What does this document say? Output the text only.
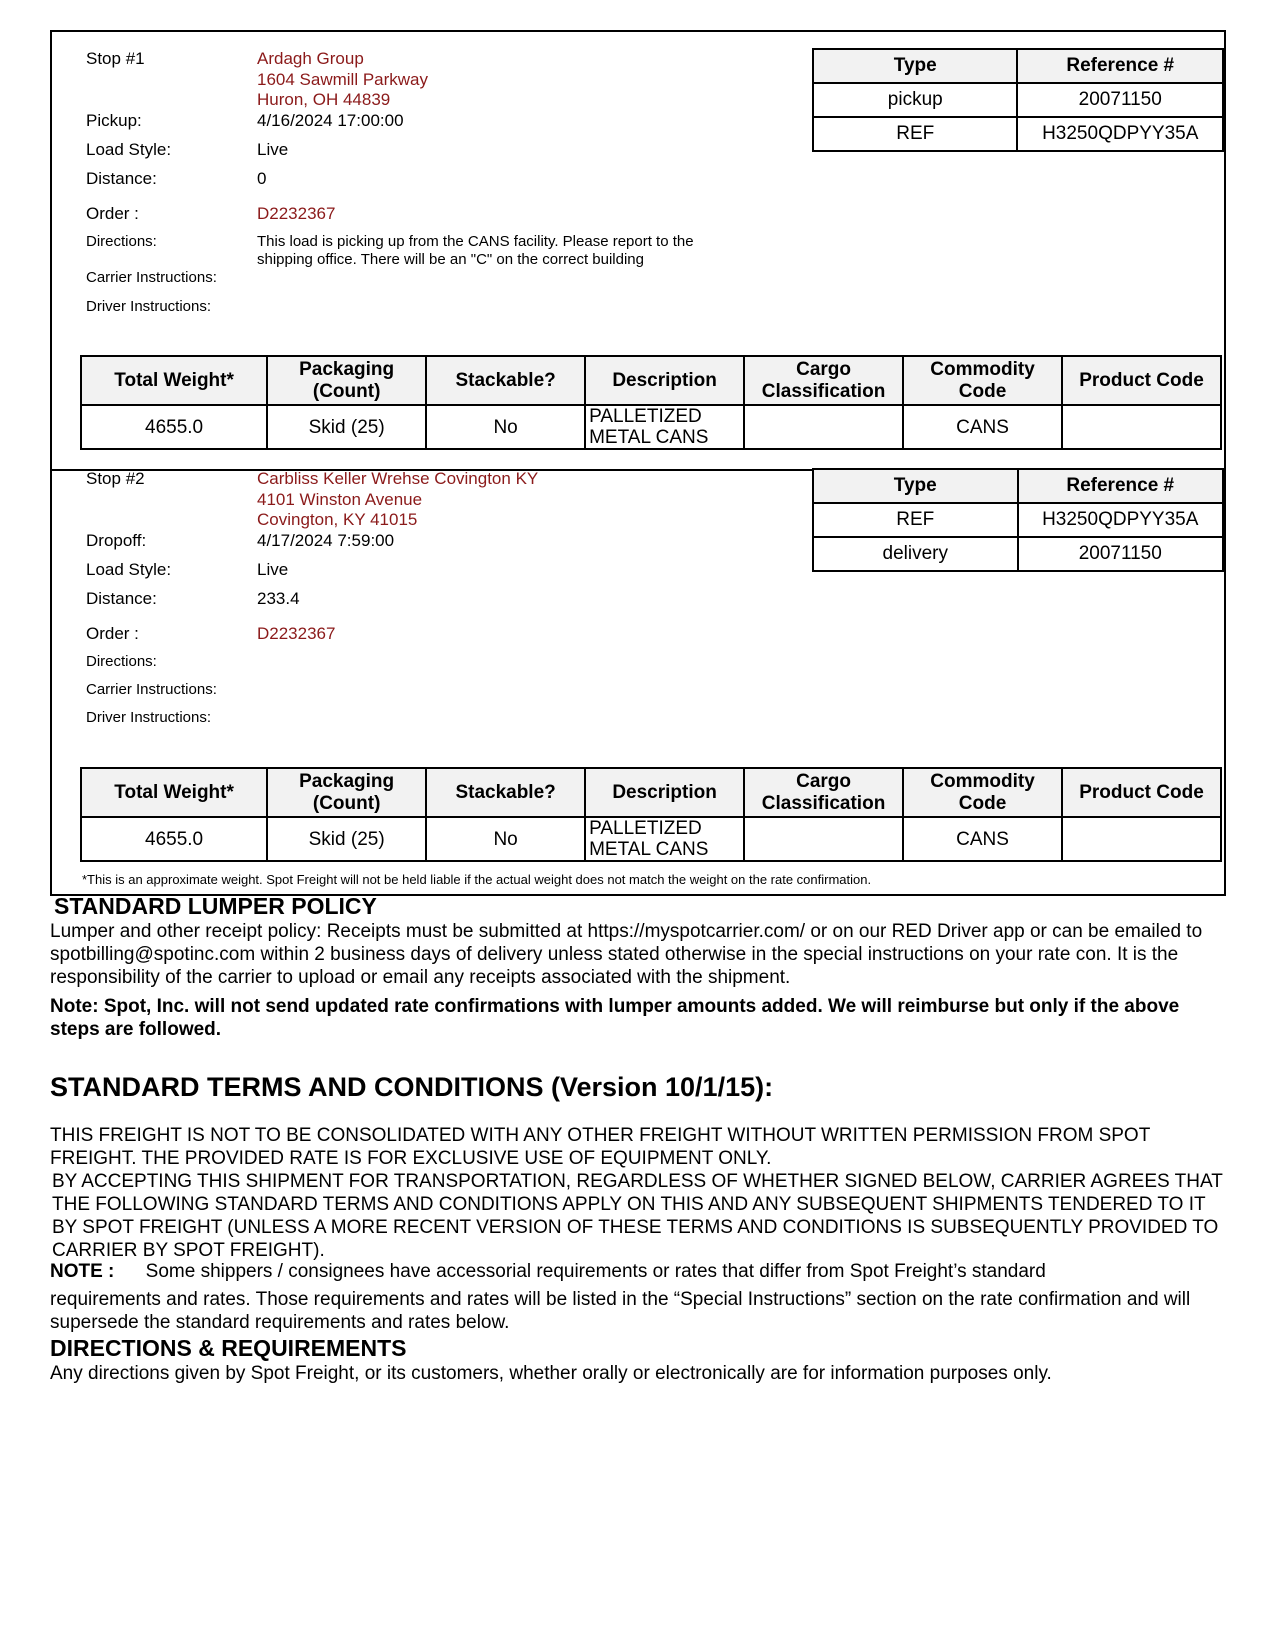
Stop #1	Ardagh Group
1604 Sawmill Parkway
Huron, OH 44839
Pickup:	4/16/2024 17:00:00
Load Style:	Live
Distance:	0
Order :	D2232367
Directions:	This load is picking up from the CANS facility. Please report to the shipping office. There will be an "C" on the correct building
Carrier Instructions:
Driver Instructions:
Type	Reference #
pickup	20071150
REF	H3250QDPYY35A
Total Weight*	Packaging (Count)	Stackable?	Description	Cargo Classification	Commodity Code	Product Code
4655.0	Skid (25)	No	PALLETIZED METAL CANS		CANS	
Stop #2	Carbliss Keller Wrehse Covington KY
4101 Winston Avenue
Covington, KY 41015
Dropoff:	4/17/2024 7:59:00
Load Style:	Live
Distance:	233.4
Order :	D2232367
Directions:
Carrier Instructions:
Driver Instructions:
Type	Reference #
REF	H3250QDPYY35A
delivery	20071150
Total Weight*	Packaging (Count)	Stackable?	Description	Cargo Classification	Commodity Code	Product Code
4655.0	Skid (25)	No	PALLETIZED METAL CANS		CANS	
*This is an approximate weight. Spot Freight will not be held liable if the actual weight does not match the weight on the rate confirmation.
STANDARD LUMPER POLICY
Lumper and other receipt policy: Receipts must be submitted at https://myspotcarrier.com/ or on our RED Driver app or can be emailed to spotbilling@spotinc.com within 2 business days of delivery unless stated otherwise in the special instructions on your rate con. It is the responsibility of the carrier to upload or email any receipts associated with the shipment.
Note: Spot, Inc. will not send updated rate confirmations with lumper amounts added. We will reimburse but only if the above steps are followed.
STANDARD TERMS AND CONDITIONS (Version 10/1/15):
THIS FREIGHT IS NOT TO BE CONSOLIDATED WITH ANY OTHER FREIGHT WITHOUT WRITTEN PERMISSION FROM SPOT FREIGHT. THE PROVIDED RATE IS FOR EXCLUSIVE USE OF EQUIPMENT ONLY.
BY ACCEPTING THIS SHIPMENT FOR TRANSPORTATION, REGARDLESS OF WHETHER SIGNED BELOW, CARRIER AGREES THAT THE FOLLOWING STANDARD TERMS AND CONDITIONS APPLY ON THIS AND ANY SUBSEQUENT SHIPMENTS TENDERED TO IT BY SPOT FREIGHT (UNLESS A MORE RECENT VERSION OF THESE TERMS AND CONDITIONS IS SUBSEQUENTLY PROVIDED TO CARRIER BY SPOT FREIGHT).
NOTE : Some shippers / consignees have accessorial requirements or rates that differ from Spot Freight’s standard
requirements and rates. Those requirements and rates will be listed in the “Special Instructions” section on the rate confirmation and will supersede the standard requirements and rates below.
DIRECTIONS & REQUIREMENTS
Any directions given by Spot Freight, or its customers, whether orally or electronically are for information purposes only.
